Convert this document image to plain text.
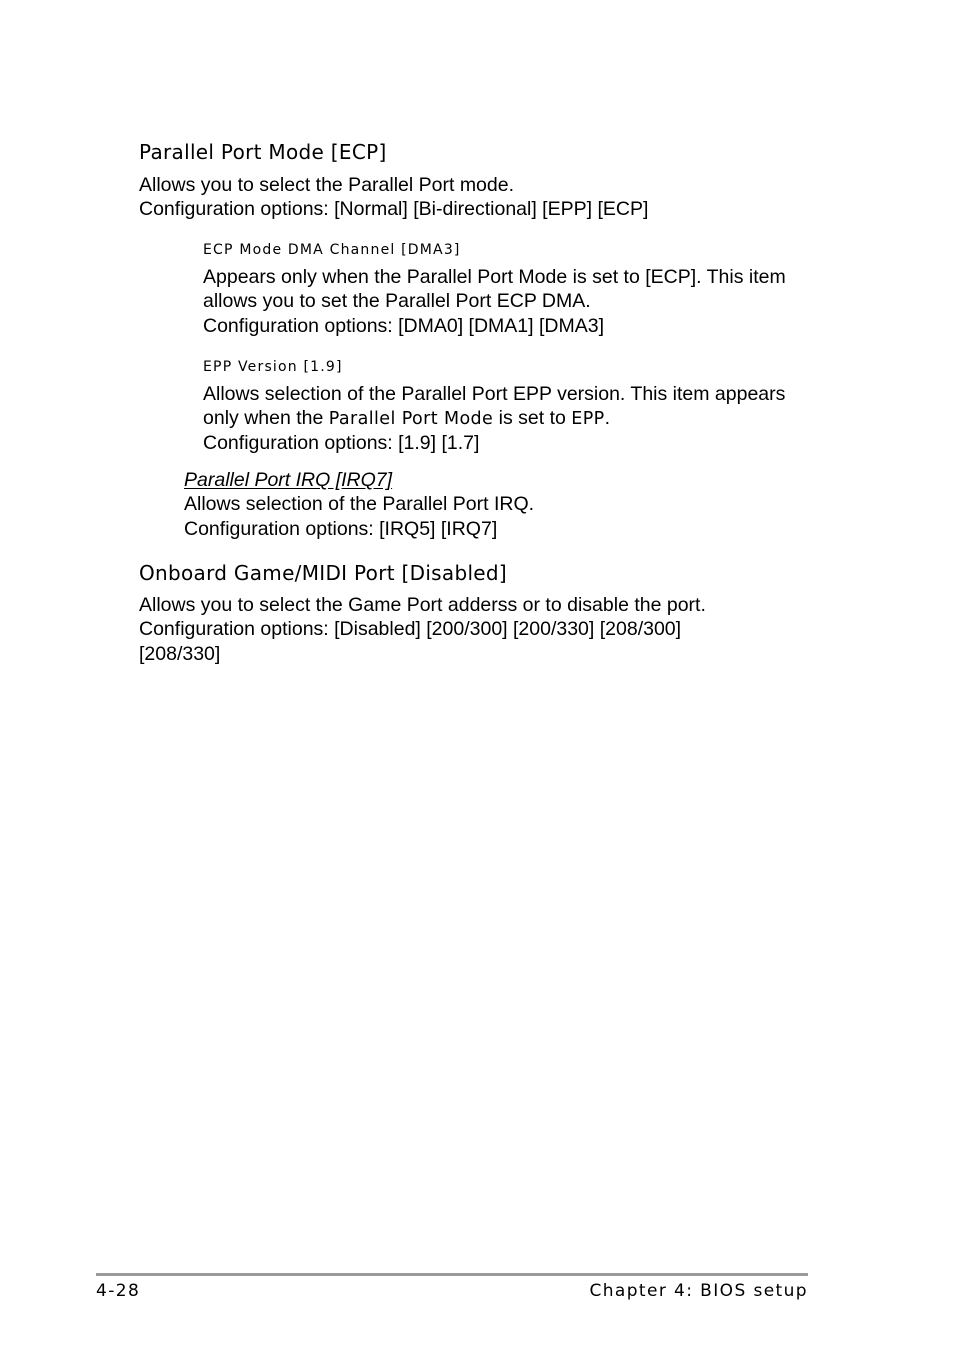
Parallel Port Mode [ECP]
Allows you to select the Parallel Port mode.
Configuration options: [Normal] [Bi-directional] [EPP] [ECP]
ECP Mode DMA Channel [DMA3]
Appears only when the Parallel Port Mode is set to [ECP]. This item
allows you to set the Parallel Port ECP DMA.
Configuration options: [DMA0] [DMA1] [DMA3]
EPP Version [1.9]
Allows selection of the Parallel Port EPP version. This item appears
only when the Parallel Port Mode is set to EPP.
Configuration options: [1.9] [1.7]
Parallel Port IRQ [IRQ7]
Allows selection of the Parallel Port IRQ.
Configuration options: [IRQ5] [IRQ7]
Onboard Game/MIDI Port [Disabled]
Allows you to select the Game Port adderss or to disable the port.
Configuration options: [Disabled] [200/300] [200/330] [208/300]
[208/330]
4-28	Chapter 4: BIOS setup
